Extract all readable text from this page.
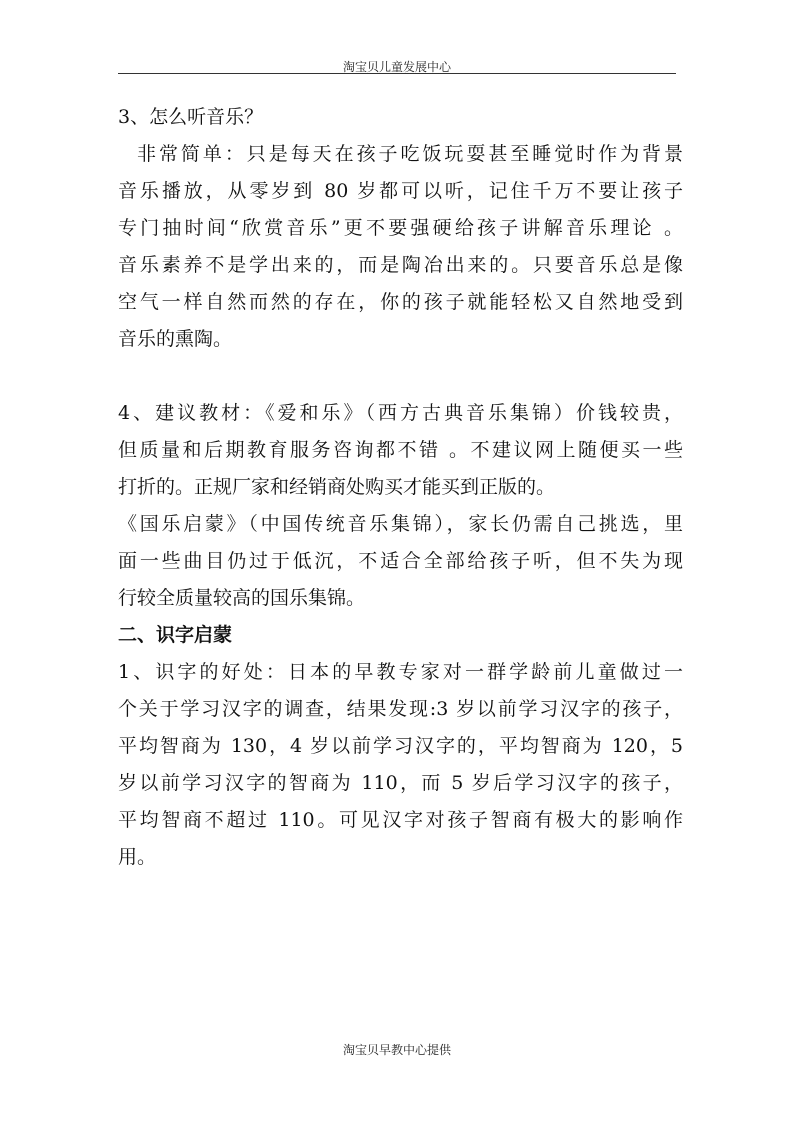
淘宝贝儿童发展中心
3、怎么听音乐？
非常简单：只是每天在孩子吃饭玩耍甚至睡觉时作为背景
音乐播放，从零岁到 80 岁都可以听，记住千万不要让孩子
专门抽时间“欣赏音乐”更不要强硬给孩子讲解音乐理论 。
音乐素养不是学出来的，而是陶冶出来的。只要音乐总是像
空气一样自然而然的存在，你的孩子就能轻松又自然地受到
音乐的熏陶。
4、建议教材：《爱和乐》（西方古典音乐集锦）价钱较贵，
但质量和后期教育服务咨询都不错 。不建议网上随便买一些
打折的。正规厂家和经销商处购买才能买到正版的。
《国乐启蒙》（中国传统音乐集锦），家长仍需自己挑选，里
面一些曲目仍过于低沉，不适合全部给孩子听，但不失为现
行较全质量较高的国乐集锦。
二、识字启蒙
1、识字的好处：日本的早教专家对一群学龄前儿童做过一
个关于学习汉字的调查，结果发现:3 岁以前学习汉字的孩子，
平均智商为 130，4 岁以前学习汉字的，平均智商为 120，5
岁以前学习汉字的智商为 110，而 5 岁后学习汉字的孩子，
平均智商不超过 110。可见汉字对孩子智商有极大的影响作
用。
淘宝贝早教中心提供
